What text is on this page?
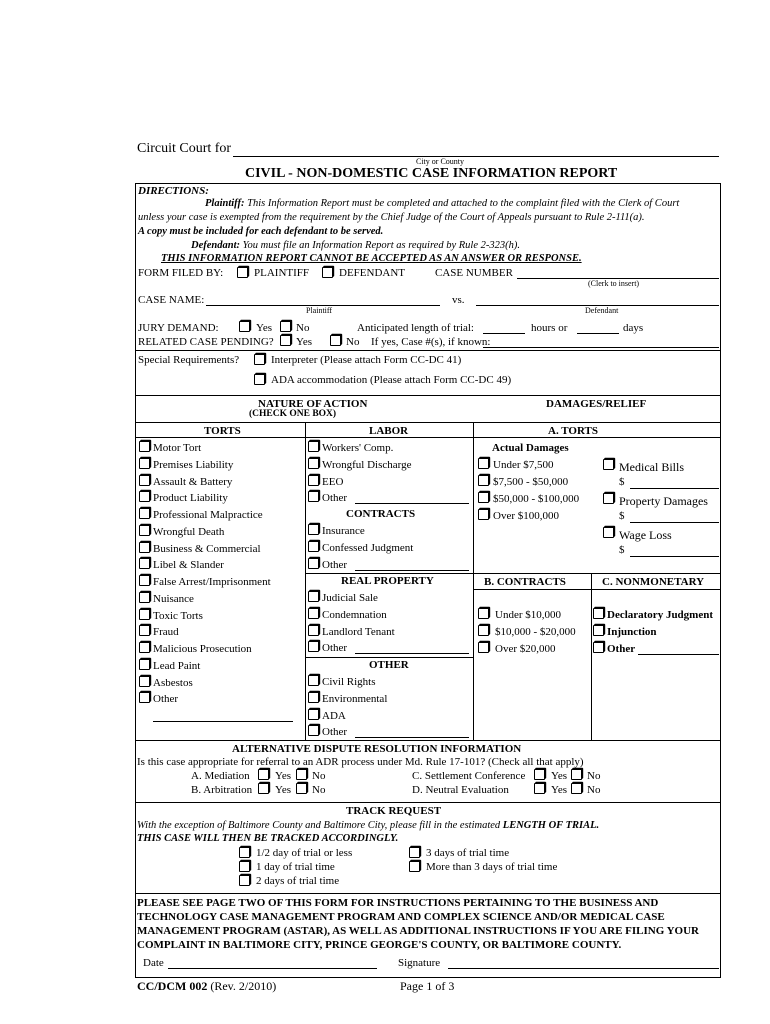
Circuit Court for
City or County
CIVIL - NON-DOMESTIC CASE INFORMATION REPORT
DIRECTIONS:
Plaintiff: This Information Report must be completed and attached to the complaint filed with the Clerk of Court
unless your case is exempted from the requirement by the Chief Judge of the Court of Appeals pursuant to Rule 2-111(a).
A copy must be included for each defendant to be served.
Defendant: You must file an Information Report as required by Rule 2-323(h).
THIS INFORMATION REPORT CANNOT BE ACCEPTED AS AN ANSWER OR RESPONSE.
FORM FILED BY:	PLAINTIFF	DEFENDANT	CASE NUMBER
(Clerk to insert)
CASE NAME:	vs.
Plaintiff	Defendant
JURY DEMAND:	Yes No	Anticipated length of trial:	hours or	days
RELATED CASE PENDING? Yes	No If yes, Case #(s), if known:
Special Requirements?	Interpreter (Please attach Form CC-DC 41)
ADA accommodation (Please attach Form CC-DC 49)
NATURE OF ACTION
(CHECK ONE BOX)
DAMAGES/RELIEF
TORTS
Motor Tort
Premises Liability
Assault & Battery
Product Liability
Professional Malpractice
Wrongful Death
Business & Commercial
Libel & Slander
False Arrest/Imprisonment
Nuisance
Toxic Torts
Fraud
Malicious Prosecution
Lead Paint
Asbestos
Other
LABOR
Workers' Comp.
Wrongful Discharge
EEO
Other
CONTRACTS
Insurance
Confessed Judgment
Other
REAL PROPERTY
Judicial Sale
Condemnation
Landlord Tenant
Other
OTHER
Civil Rights
Environmental
ADA
Other
A. TORTS
Actual Damages
Under $7,500
$7,500 - $50,000
$50,000 - $100,000
Over $100,000
Medical Bills
$
Property Damages
$
Wage Loss
$
B. CONTRACTS	C. NONMONETARY
Under $10,000
$10,000 - $20,000
Over $20,000
Declaratory Judgment
Injunction
Other
ALTERNATIVE DISPUTE RESOLUTION INFORMATION
Is this case appropriate for referral to an ADR process under Md. Rule 17-101? (Check all that apply)
A. Mediation Yes No	C. Settlement Conference Yes No
B. Arbitration Yes No	D. Neutral Evaluation	Yes No
TRACK REQUEST
With the exception of Baltimore County and Baltimore City, please fill in the estimated LENGTH OF TRIAL.
THIS CASE WILL THEN BE TRACKED ACCORDINGLY.
1/2 day of trial or less
1 day of trial time
2 days of trial time
3 days of trial time
More than 3 days of trial time
PLEASE SEE PAGE TWO OF THIS FORM FOR INSTRUCTIONS PERTAINING TO THE BUSINESS AND
TECHNOLOGY CASE MANAGEMENT PROGRAM AND COMPLEX SCIENCE AND/OR MEDICAL CASE
MANAGEMENT PROGRAM (ASTAR), AS WELL AS ADDITIONAL INSTRUCTIONS IF YOU ARE FILING YOUR
COMPLAINT IN BALTIMORE CITY, PRINCE GEORGE'S COUNTY, OR BALTIMORE COUNTY.
Date	Signature
CC/DCM 002 (Rev. 2/2010)	Page 1 of 3
